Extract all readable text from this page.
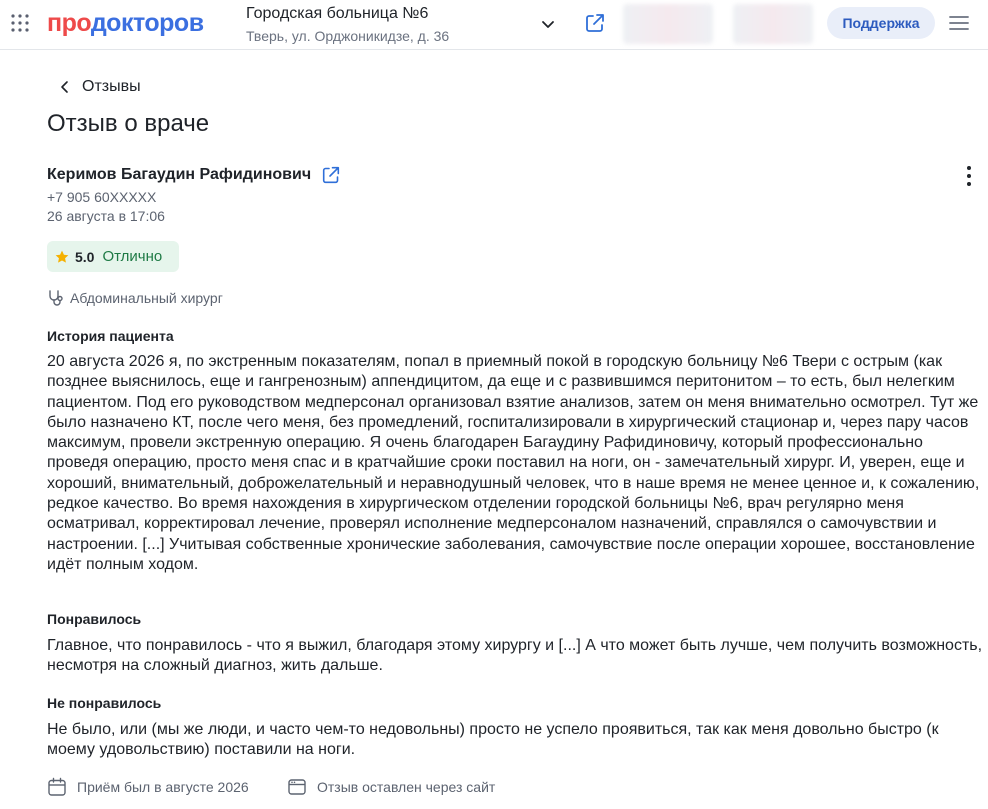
продокторов	Городская больница №6
Тверь, ул. Орджоникидзе, д. 36
Поддержка
Отзывы
Отзыв о враче
Керимов Багаудин Рафидинович
+7 905 60XXXXX
26 августа в 17:06
5.0 Отлично
Абдоминальный хирург
История пациента
20 августа 2026 я, по экстренным показателям, попал в приемный покой в городскую больницу №6 Твери с острым (как позднее выяснилось, еще и гангренозным) аппендицитом, да еще и с развившимся перитонитом – то есть, был нелегким пациентом. Под его руководством медперсонал организовал взятие анализов, затем он меня внимательно осмотрел. Тут же было назначено КТ, после чего меня, без промедлений, госпитализировали в хирургический стационар и, через пару часов максимум, провели экстренную операцию. Я очень благодарен Багаудину Рафидиновичу, который профессионально проведя операцию, просто меня спас и в кратчайшие сроки поставил на ноги, он - замечательный хирург. И, уверен, еще и хороший, внимательный, доброжелательный и неравнодушный человек, что в наше время не менее ценное и, к сожалению, редкое качество. Во время нахождения в хирургическом отделении городской больницы №6, врач регулярно меня осматривал, корректировал лечение, проверял исполнение медперсоналом назначений, справлялся о самочувствии и настроении. [...] Учитывая собственные хронические заболевания, самочувствие после операции хорошее, восстановление идёт полным ходом.
Понравилось
Главное, что понравилось - что я выжил, благодаря этому хирургу и [...] А что может быть лучше, чем получить возможность, несмотря на сложный диагноз, жить дальше.
Не понравилось
Не было, или (мы же люди, и часто чем-то недовольны) просто не успело проявиться, так как меня довольно быстро (к моему удовольствию) поставили на ноги.
Приём был в августе 2026	Отзыв оставлен через сайт
